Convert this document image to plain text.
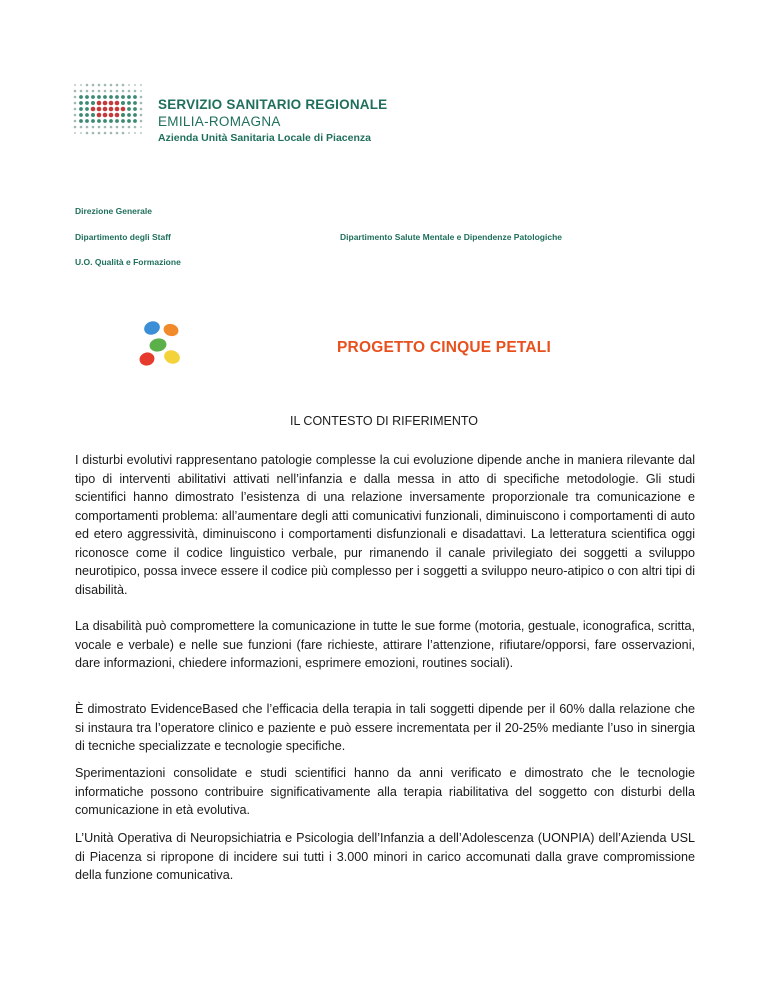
SERVIZIO SANITARIO REGIONALE
EMILIA-ROMAGNA
Azienda Unità Sanitaria Locale di Piacenza
Direzione Generale
Dipartimento degli Staff	Dipartimento Salute Mentale e Dipendenze Patologiche
U.O. Qualità e Formazione
PROGETTO CINQUE PETALI
IL CONTESTO DI RIFERIMENTO

I disturbi evolutivi rappresentano patologie complesse la cui evoluzione dipende anche in maniera rilevante dal tipo di interventi abilitativi attivati nell’infanzia e dalla messa in atto di specifiche metodologie. Gli studi scientifici hanno dimostrato l’esistenza di una relazione inversamente proporzionale tra comunicazione e comportamenti problema: all’aumentare degli atti comunicativi funzionali, diminuiscono i comportamenti di auto ed etero aggressività, diminuiscono i comportamenti disfunzionali e disadattavi. La letteratura scientifica oggi riconosce come il codice linguistico verbale, pur rimanendo il canale privilegiato dei soggetti a sviluppo neurotipico, possa invece essere il codice più complesso per i soggetti a sviluppo neuro-atipico o con altri tipi di disabilità.

La disabilità può compromettere la comunicazione in tutte le sue forme (motoria, gestuale, iconografica, scritta, vocale e verbale) e nelle sue funzioni (fare richieste, attirare l’attenzione, rifiutare/opporsi, fare osservazioni, dare informazioni, chiedere informazioni, esprimere emozioni, routines sociali).

È dimostrato EvidenceBased che l’efficacia della terapia in tali soggetti dipende per il 60% dalla relazione che si instaura tra l’operatore clinico e paziente e può essere incrementata per il 20-25% mediante l’uso in sinergia di tecniche specializzate e tecnologie specifiche.

Sperimentazioni consolidate e studi scientifici hanno da anni verificato e dimostrato che le tecnologie informatiche possono contribuire significativamente alla terapia riabilitativa del soggetto con disturbi della comunicazione in età evolutiva.

L’Unità Operativa di Neuropsichiatria e Psicologia dell’Infanzia a dell’Adolescenza (UONPIA) dell’Azienda USL di Piacenza si ripropone di incidere sui tutti i 3.000 minori in carico accomunati dalla grave compromissione della funzione comunicativa.
